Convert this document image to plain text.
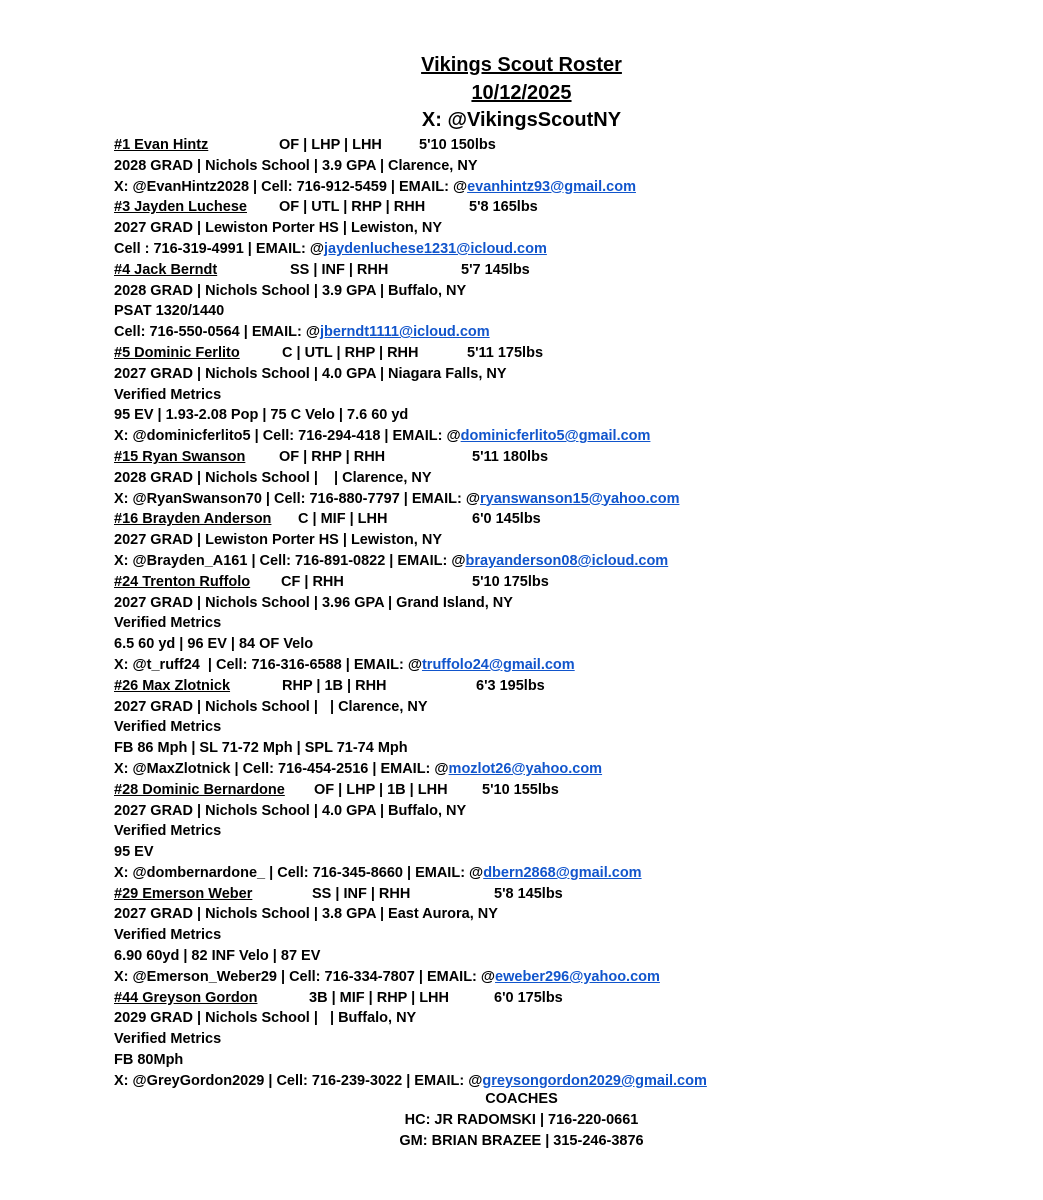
Vikings Scout Roster
10/12/2025
X: @VikingsScoutNY
#1 Evan Hintz	OF | LHP | LHH	5'10 150lbs
2028 GRAD | Nichols School | 3.9 GPA | Clarence, NY
X: @EvanHintz2028 | Cell: 716-912-5459 | EMAIL: @evanhintz93@gmail.com
#3 Jayden Luchese OF | UTL | RHP | RHH	5'8 165lbs
2027 GRAD | Lewiston Porter HS | Lewiston, NY
Cell : 716-319-4991 | EMAIL: @jaydenluchese1231@icloud.com
#4 Jack Berndt	SS | INF | RHH	5'7 145lbs
2028 GRAD | Nichols School | 3.9 GPA | Buffalo, NY
PSAT 1320/1440
Cell: 716-550-0564 | EMAIL: @jberndt1111@icloud.com
#5 Dominic Ferlito	C | UTL | RHP | RHH	5'11 175lbs
2027 GRAD | Nichols School | 4.0 GPA | Niagara Falls, NY
Verified Metrics
95 EV | 1.93-2.08 Pop | 75 C Velo | 7.6 60 yd
X: @dominicferlito5 | Cell: 716-294-418 | EMAIL: @dominicferlito5@gmail.com
#15 Ryan Swanson OF | RHP | RHH	5'11 180lbs
2028 GRAD | Nichols School |    | Clarence, NY
X: @RyanSwanson70 | Cell: 716-880-7797 | EMAIL: @ryanswanson15@yahoo.com
#16 Brayden Anderson C | MIF | LHH	6'0 145lbs
2027 GRAD | Lewiston Porter HS | Lewiston, NY
X: @Brayden_A161 | Cell: 716-891-0822 | EMAIL: @brayanderson08@icloud.com
#24 Trenton Ruffolo CF | RHH	5'10 175lbs
2027 GRAD | Nichols School | 3.96 GPA | Grand Island, NY
Verified Metrics
6.5 60 yd | 96 EV | 84 OF Velo
X: @t_ruff24  | Cell: 716-316-6588 | EMAIL: @truffolo24@gmail.com
#26 Max Zlotnick	RHP | 1B | RHH	6'3 195lbs
2027 GRAD | Nichols School |   | Clarence, NY
Verified Metrics
FB 86 Mph | SL 71-72 Mph | SPL 71-74 Mph
X: @MaxZlotnick | Cell: 716-454-2516 | EMAIL: @mozlot26@yahoo.com
#28 Dominic Bernardone OF | LHP | 1B | LHH 5'10 155lbs
2027 GRAD | Nichols School | 4.0 GPA | Buffalo, NY
Verified Metrics
95 EV
X: @dombernardone_ | Cell: 716-345-8660 | EMAIL: @dbern2868@gmail.com
#29 Emerson Weber	SS | INF | RHH	5'8 145lbs
2027 GRAD | Nichols School | 3.8 GPA | East Aurora, NY
Verified Metrics
6.90 60yd | 82 INF Velo | 87 EV
X: @Emerson_Weber29 | Cell: 716-334-7807 | EMAIL: @eweber296@yahoo.com
#44 Greyson Gordon	3B | MIF | RHP | LHH	6'0 175lbs
2029 GRAD | Nichols School |   | Buffalo, NY
Verified Metrics
FB 80Mph
X: @GreyGordon2029 | Cell: 716-239-3022 | EMAIL: @greysongordon2029@gmail.com
COACHES
HC: JR RADOMSKI | 716-220-0661
GM: BRIAN BRAZEE | 315-246-3876
